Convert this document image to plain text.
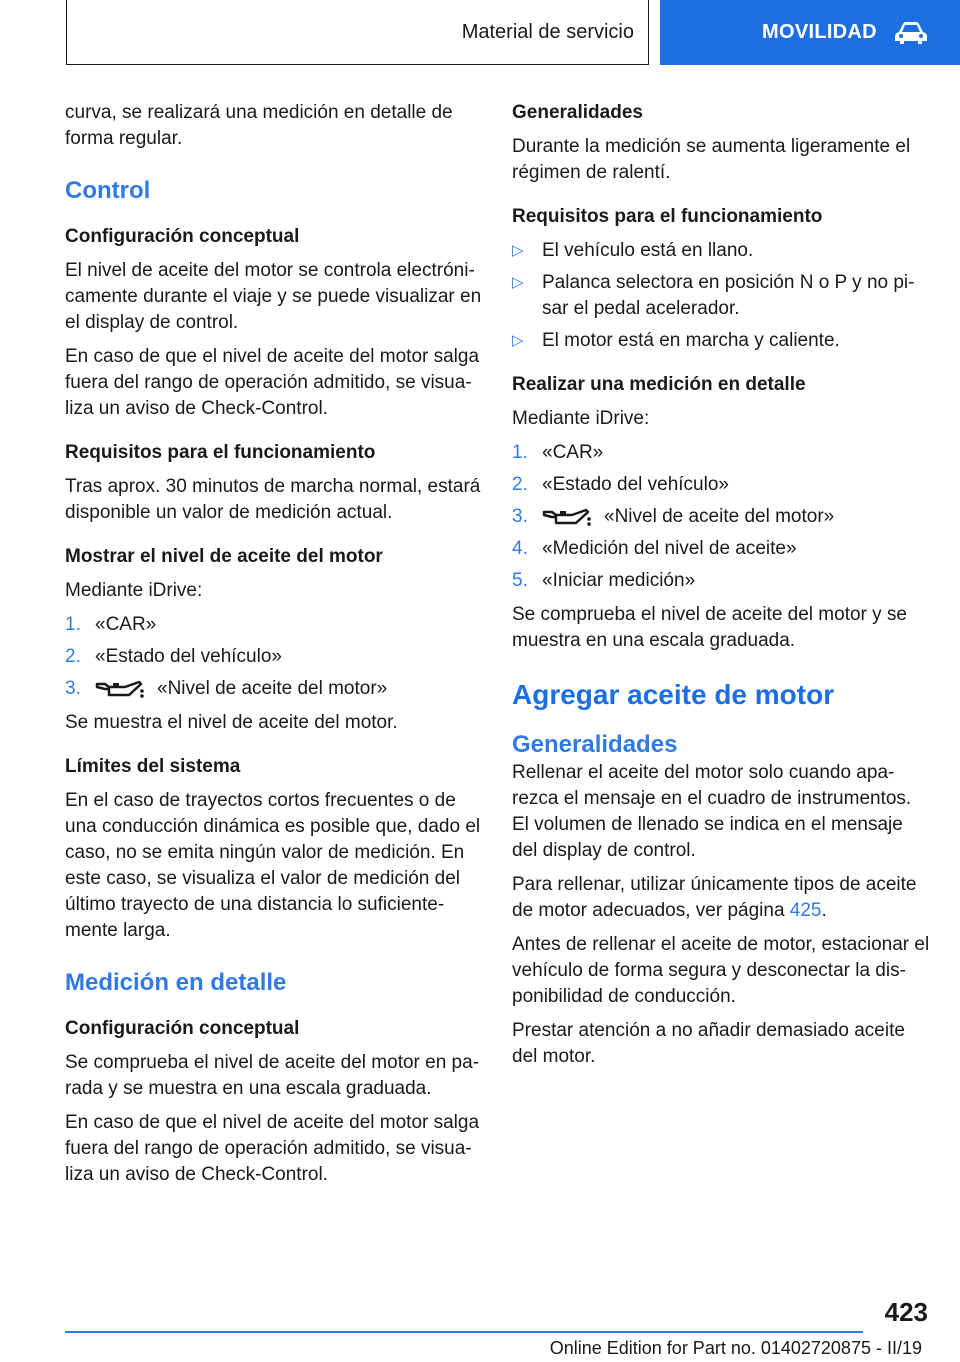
Material de servicio	MOVILIDAD

curva, se realizará una medición en detalle de forma regular.

Control
Configuración conceptual

El nivel de aceite del motor se controla electrónicamente durante el viaje y se puede visualizar en el display de control.

En caso de que el nivel de aceite del motor salga fuera del rango de operación admitido, se visualiza un aviso de Check-Control.

Requisitos para el funcionamiento

Tras aprox. 30 minutos de marcha normal, estará disponible un valor de medición actual.

Mostrar el nivel de aceite del motor

Mediante iDrive:

1. «CAR»
2. «Estado del vehículo»
3.	«Nivel de aceite del motor»

Se muestra el nivel de aceite del motor.

Límites del sistema

En el caso de trayectos cortos frecuentes o de una conducción dinámica es posible que, dado el caso, no se emita ningún valor de medición. En este caso, se visualiza el valor de medición del último trayecto de una distancia lo suficientemente larga.

Medición en detalle
Configuración conceptual

Se comprueba el nivel de aceite del motor en parada y se muestra en una escala graduada.

En caso de que el nivel de aceite del motor salga fuera del rango de operación admitido, se visualiza un aviso de Check-Control.

Generalidades

Durante la medición se aumenta ligeramente el régimen de ralentí.

Requisitos para el funcionamiento
▷ El vehículo está en llano.
▷ Palanca selectora en posición N o P y no pisar el pedal acelerador.
▷ El motor está en marcha y caliente.
Realizar una medición en detalle

Mediante iDrive:

1. «CAR»
2. «Estado del vehículo»
3.	«Nivel de aceite del motor»
4. «Medición del nivel de aceite»
5. «Iniciar medición»

Se comprueba el nivel de aceite del motor y se muestra en una escala graduada.

Agregar aceite de motor
Generalidades

Rellenar el aceite del motor solo cuando aparezca el mensaje en el cuadro de instrumentos. El volumen de llenado se indica en el mensaje del display de control.

Para rellenar, utilizar únicamente tipos de aceite de motor adecuados, ver página 425.

Antes de rellenar el aceite de motor, estacionar el vehículo de forma segura y desconectar la disponibilidad de conducción.

Prestar atención a no añadir demasiado aceite del motor.

423
Online Edition for Part no. 01402720875 - II/19
